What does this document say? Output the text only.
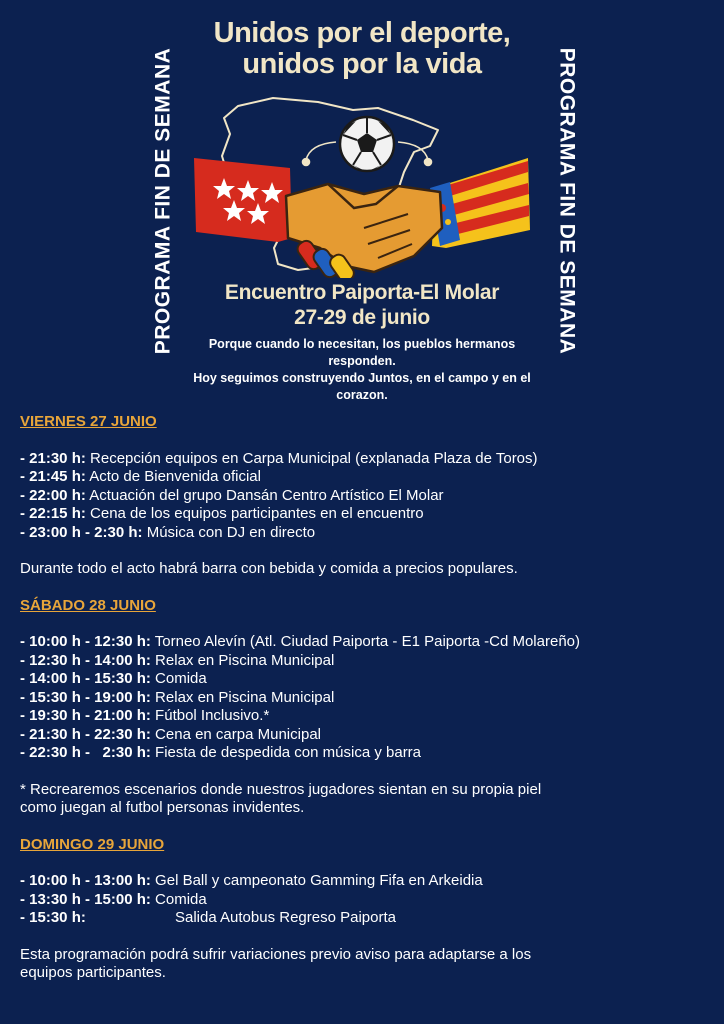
PROGRAMA FIN DE SEMANA	PROGRAMA FIN DE SEMANA
Unidos por el deporte,
unidos por la vida
Encuentro Paiporta-El Molar
27-29 de junio
Porque cuando lo necesitan, los pueblos hermanos responden.
Hoy seguimos construyendo Juntos, en el campo y en el
corazon.
VIERNES 27 JUNIO
- 21:30 h: Recepción equipos en Carpa Municipal (explanada Plaza de Toros)
- 21:45 h: Acto de Bienvenida oficial
- 22:00 h: Actuación del grupo Dansán Centro Artístico El Molar
- 22:15 h: Cena de los equipos participantes en el encuentro
- 23:00 h - 2:30 h: Música con DJ en directo

Durante todo el acto habrá barra con bebida y comida a precios populares.

SÁBADO 28 JUNIO
- 10:00 h - 12:30 h: Torneo Alevín (Atl. Ciudad Paiporta - E1 Paiporta -Cd Molareño)
- 12:30 h - 14:00 h: Relax en Piscina Municipal
- 14:00 h - 15:30 h: Comida
- 15:30 h - 19:00 h: Relax en Piscina Municipal
- 19:30 h - 21:00 h: Fútbol Inclusivo.*
- 21:30 h - 22:30 h: Cena en carpa Municipal
- 22:30 h -   2:30 h: Fiesta de despedida con música y barra

* Recrearemos escenarios donde nuestros jugadores sientan en su propia piel
como juegan al futbol personas invidentes.

DOMINGO 29 JUNIO
- 10:00 h - 13:00 h: Gel Ball y campeonato Gamming Fifa en Arkeidia
- 13:30 h - 15:00 h: Comida
- 15:30 h:	Salida Autobus Regreso Paiporta

Esta programación podrá sufrir variaciones previo aviso para adaptarse a los
equipos participantes.
